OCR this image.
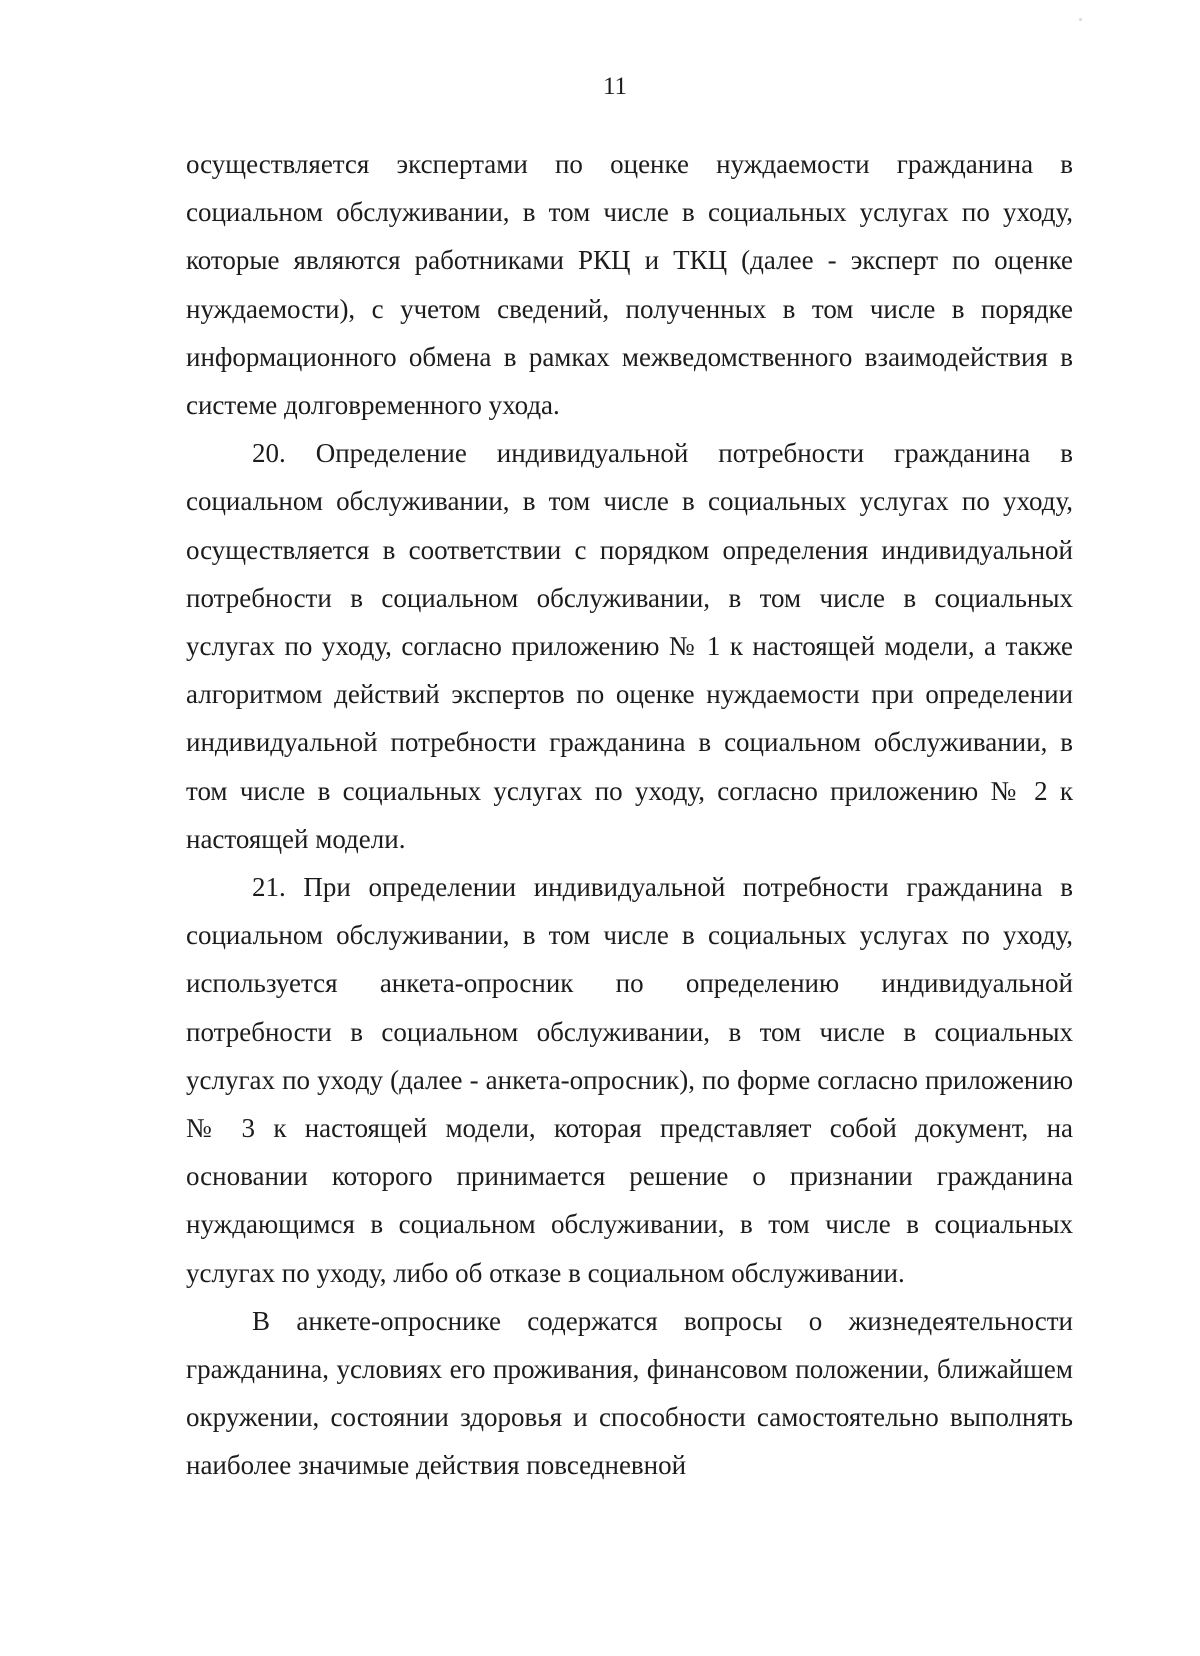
11

осуществляется экспертами по оценке нуждаемости гражданина в социальном обслуживании, в том числе в социальных услугах по уходу, которые являются работниками РКЦ и ТКЦ (далее - эксперт по оценке нуждаемости), с учетом сведений, полученных в том числе в порядке информационного обмена в рамках межведомственного взаимодействия в системе долговременного ухода.

20. Определение индивидуальной потребности гражданина в социальном обслуживании, в том числе в социальных услугах по уходу, осуществляется в соответствии с порядком определения индивидуальной потребности в социальном обслуживании, в том числе в социальных услугах по уходу, согласно приложению № 1 к настоящей модели, а также алгоритмом действий экспертов по оценке нуждаемости при определении индивидуальной потребности гражданина в социальном обслуживании, в том числе в социальных услугах по уходу, согласно приложению № 2 к настоящей модели.

21. При определении индивидуальной потребности гражданина в социальном обслуживании, в том числе в социальных услугах по уходу, используется анкета-опросник по определению индивидуальной потребности в социальном обслуживании, в том числе в социальных услугах по уходу (далее - анкета-опросник), по форме согласно приложению № 3 к настоящей модели, которая представляет собой документ, на основании которого принимается решение о признании гражданина нуждающимся в социальном обслуживании, в том числе в социальных услугах по уходу, либо об отказе в социальном обслуживании.

В анкете-опроснике содержатся вопросы о жизнедеятельности гражданина, условиях его проживания, финансовом положении, ближайшем окружении, состоянии здоровья и способности самостоятельно выполнять наиболее значимые действия повседневной
